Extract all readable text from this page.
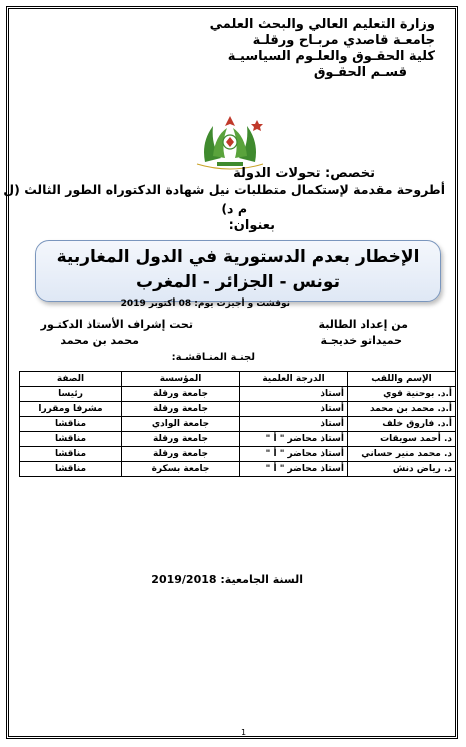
وزارة التعليم العالي والبحث العلمي
جامعـة قاصدي مربـاح ورقلـة
كلية الحقـوق والعلـوم السياسيـة
قسـم الحقـوق
تخصص: تحولات الدولة
أطروحة مقدمة لإستكمال متطلبات نيل شهادة الدكتوراه الطور الثالث (ل
م د)
بعنوان:
الإخطار بعدم الدستورية في الدول المغاربية
تونس - الجزائر - المغرب
نوقشت و أجيزت يوم: 08 أكتوبر 2019
من إعداد الطالبة
حميداتو خديجـة
تحت إشراف الأستاذ الدكتـور
محمد بن محمد
لجنـة المنـاقشـة:
الإسم واللقب	الدرجة العلمية	المؤسسة	الصفة
أ.د. بوحنية قوي	أستاذ	جامعة ورقلة	رئيسا
أ.د. محمد بن محمد	أستاذ	جامعة ورقلة	مشرفا ومقررا
أ.د. فاروق خلف	أستاذ	جامعة الوادي	مناقشا
د. أحمد سويقات	أستاذ محاضر " أ "	جامعة ورقلة	مناقشا
د. محمد منير حساني	أستاذ محاضر " أ "	جامعة ورقلة	مناقشا
د. رياض دنش	أستاذ محاضر " أ "	جامعة بسكرة	مناقشا
السنة الجامعية: 2019/2018
1
